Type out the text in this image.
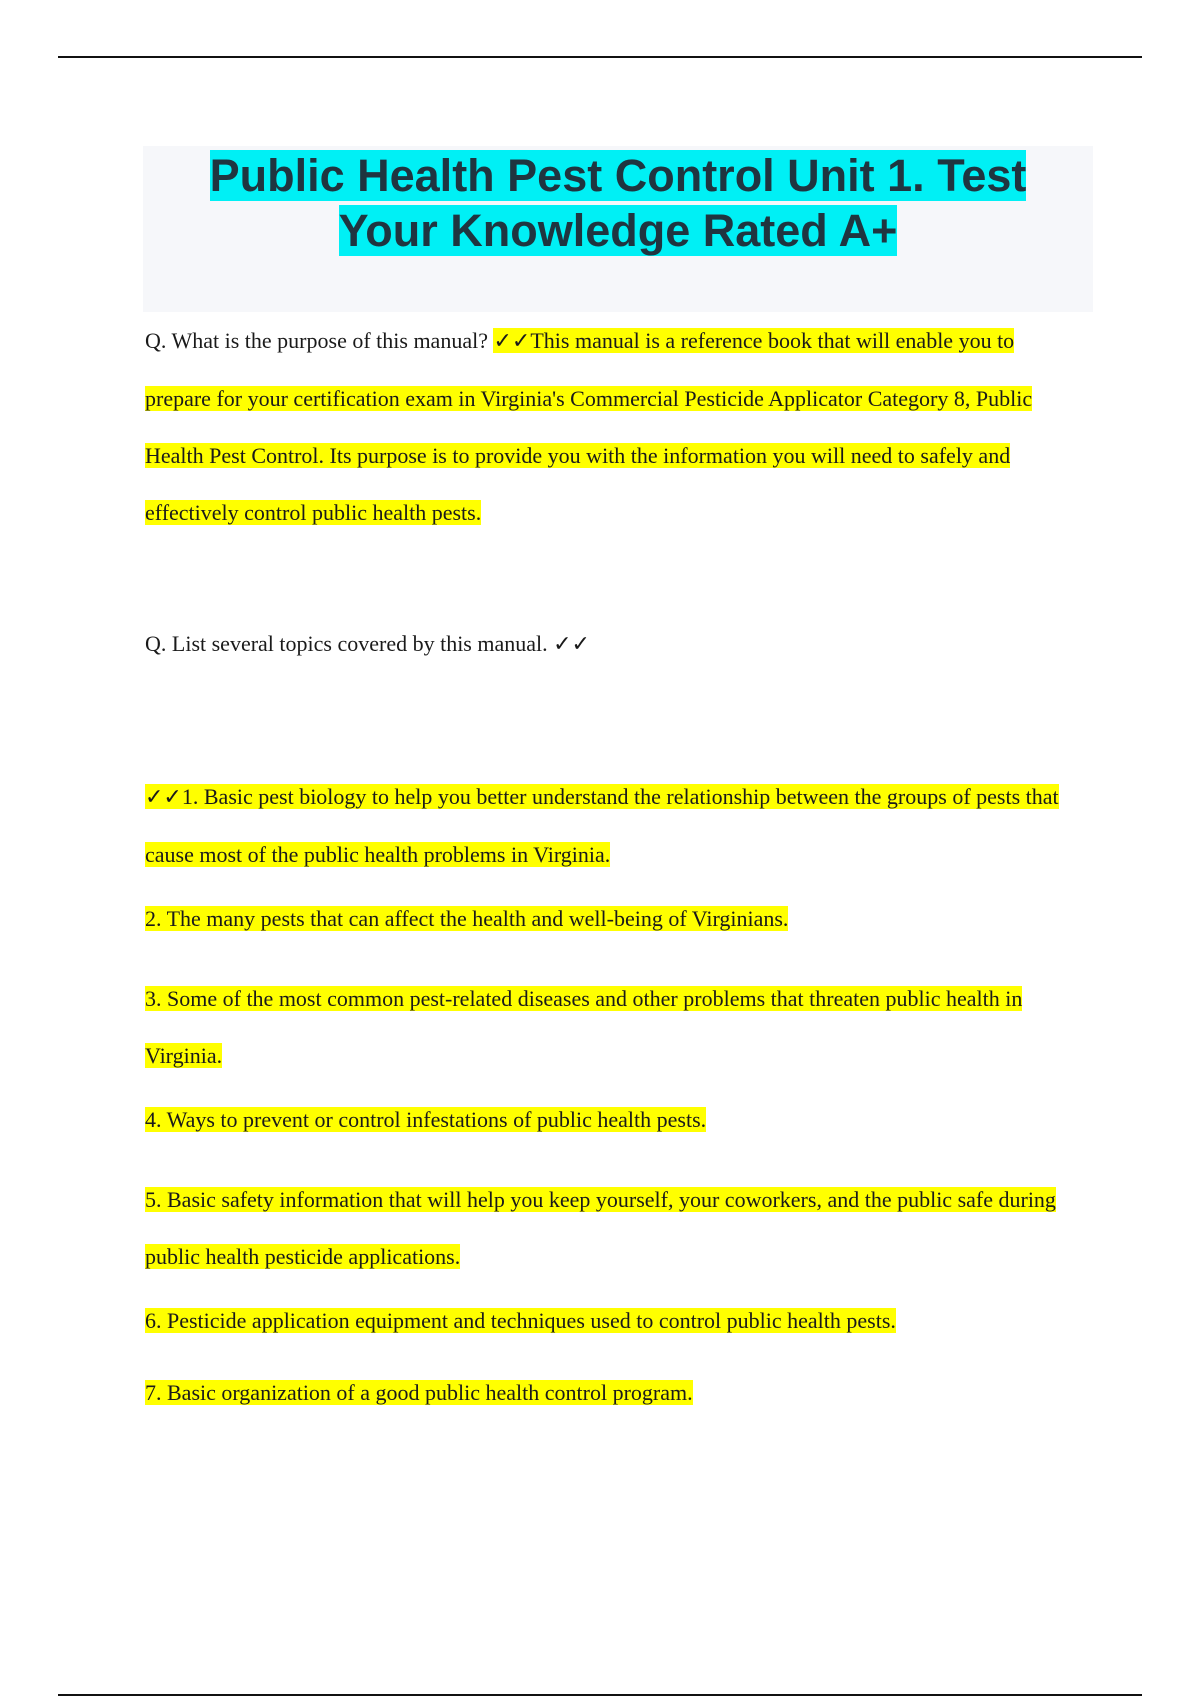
Public Health Pest Control Unit 1. Test
Your Knowledge Rated A+

Q. What is the purpose of this manual? ✓✓This manual is a reference book that will enable you to prepare for your certification exam in Virginia's Commercial Pesticide Applicator Category 8, Public Health Pest Control. Its purpose is to provide you with the information you will need to safely and effectively control public health pests.

Q. List several topics covered by this manual. ✓✓

✓✓1. Basic pest biology to help you better understand the relationship between the groups of pests that cause most of the public health problems in Virginia.

2. The many pests that can affect the health and well-being of Virginians.

3. Some of the most common pest-related diseases and other problems that threaten public health in Virginia.

4. Ways to prevent or control infestations of public health pests.

5. Basic safety information that will help you keep yourself, your coworkers, and the public safe during public health pesticide applications.

6. Pesticide application equipment and techniques used to control public health pests.

7. Basic organization of a good public health control program.
